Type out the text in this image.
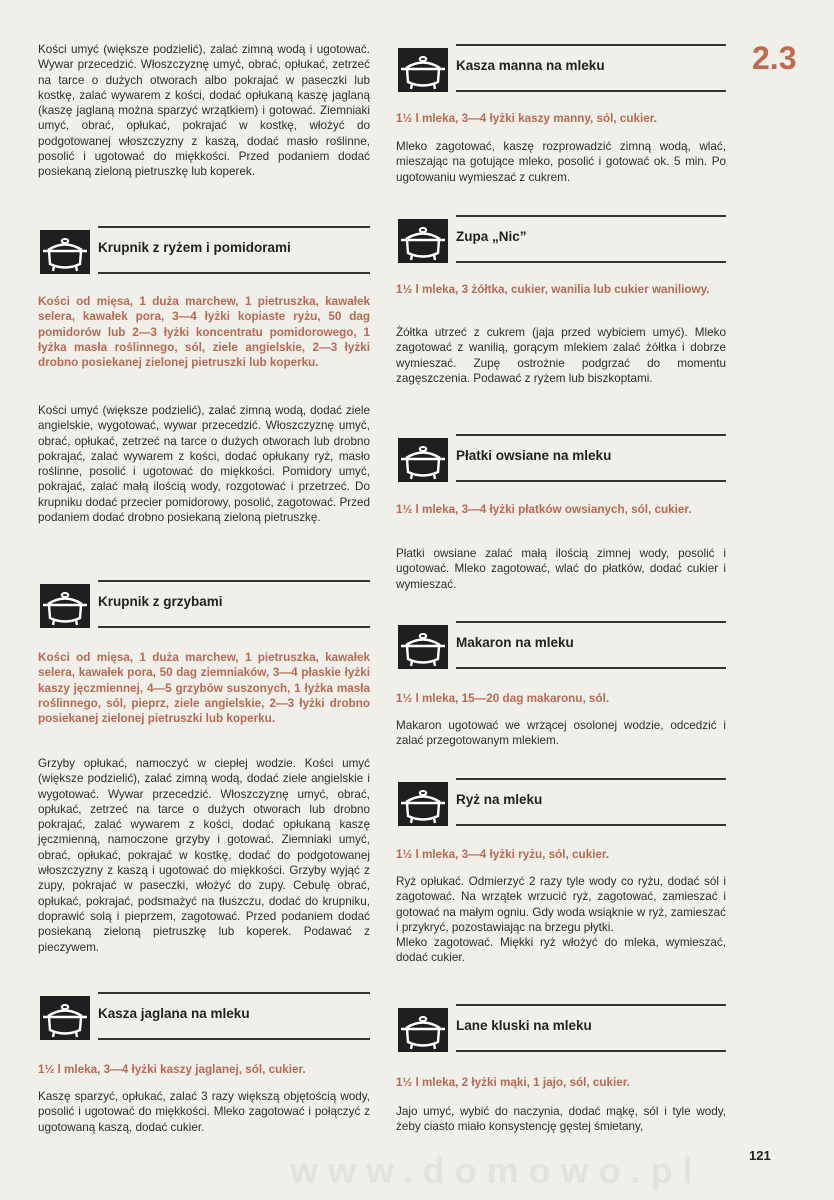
2.3

Kości umyć (większe podzielić), zalać zimną wodą i ugotować. Wywar przecedzić. Włoszczyznę umyć, obrać, opłukać, zetrzeć na tarce o dużych otworach albo pokrajać w paseczki lub kostkę, zalać wywarem z kości, dodać opłukaną kaszę jaglaną (kaszę jaglaną można sparzyć wrzątkiem) i gotować. Ziemniaki umyć, obrać, opłukać, pokrajać w kostkę, włożyć do podgotowanej włoszczyzny z kaszą, dodać masło roślinne, posolić i ugotować do miękkości. Przed podaniem dodać posiekaną zieloną pietruszkę lub koperek.

Krupnik z ryżem i pomidorami

Kości od mięsa, 1 duża marchew, 1 pietruszka, kawałek selera, kawałek pora, 3—4 łyżki kopiaste ryżu, 50 dag pomidorów lub 2—3 łyżki koncentratu pomidorowego, 1 łyżka masła roślinnego, sól, ziele angielskie, 2—3 łyżki drobno posiekanej zielonej pietruszki lub koperku.

Kości umyć (większe podzielić), zalać zimną wodą, dodać ziele angielskie, wygotować, wywar przecedzić. Włoszczyznę umyć, obrać, opłukać, zetrzeć na tarce o dużych otworach lub drobno pokrajać, zalać wywarem z kości, dodać opłukany ryż, masło roślinne, posolić i ugotować do miękkości. Pomidory umyć, pokrajać, zalać małą ilością wody, rozgotować i przetrzeć. Do krupniku dodać przecier pomidorowy, posolić, zagotować. Przed podaniem dodać drobno posiekaną zieloną pietruszkę.

Krupnik z grzybami

Kości od mięsa, 1 duża marchew, 1 pietruszka, kawałek selera, kawałek pora, 50 dag ziemniaków, 3—4 płaskie łyżki kaszy jęczmiennej, 4—5 grzybów suszonych, 1 łyżka masła roślinnego, sól, pieprz, ziele angielskie, 2—3 łyżki drobno posiekanej zielonej pietruszki lub koperku.

Grzyby opłukać, namoczyć w ciepłej wodzie. Kości umyć (większe podzielić), zalać zimną wodą, dodać ziele angielskie i wygotować. Wywar przecedzić. Włoszczyznę umyć, obrać, opłukać, zetrzeć na tarce o dużych otworach lub drobno pokrajać, zalać wywarem z kości, dodać opłukaną kaszę jęczmienną, namoczone grzyby i gotować. Ziemniaki umyć, obrać, opłukać, pokrajać w kostkę, dodać do podgotowanej włoszczyzny z kaszą i ugotować do miękkości. Grzyby wyjąć z zupy, pokrajać w paseczki, włożyć do zupy. Cebulę obrać, opłukać, pokrajać, podsmażyć na tłuszczu, dodać do krupniku, doprawić solą i pieprzem, zagotować. Przed podaniem dodać posiekaną zieloną pietruszkę lub koperek. Podawać z pieczywem.

Kasza jaglana na mleku

1½ l mleka, 3—4 łyżki kaszy jaglanej, sól, cukier.

Kaszę sparzyć, opłukać, zalać 3 razy większą objętością wody, posolić i ugotować do miękkości. Mleko zagotować i połączyć z ugotowaną kaszą, dodać cukier.

Kasza manna na mleku

1½ l mleka, 3—4 łyżki kaszy manny, sól, cukier.

Mleko zagotować, kaszę rozprowadzić zimną wodą, wlać, mieszając na gotujące mleko, posolić i gotować ok. 5 min. Po ugotowaniu wymieszać z cukrem.

Zupa „Nic”

1½ l mleka, 3 żółtka, cukier, wanilia lub cukier waniliowy.

Żółtka utrzeć z cukrem (jaja przed wybiciem umyć). Mleko zagotować z wanilią, gorącym mlekiem zalać żółtka i dobrze wymieszać. Zupę ostrożnie podgrzać do momentu zagęszczenia. Podawać z ryżem lub biszkoptami.

Płatki owsiane na mleku

1½ l mleka, 3—4 łyżki płatków owsianych, sól, cukier.

Płatki owsiane zalać małą ilością zimnej wody, posolić i ugotować. Mleko zagotować, wlać do płatków, dodać cukier i wymieszać.

Makaron na mleku

1½ l mleka, 15—20 dag makaronu, sól.

Makaron ugotować we wrzącej osolonej wodzie, odcedzić i zalać przegotowanym mlekiem.

Ryż na mleku

1½ l mleka, 3—4 łyżki ryżu, sól, cukier.

Ryż opłukać. Odmierzyć 2 razy tyle wody co ryżu, dodać sól i zagotować. Na wrzątek wrzucić ryż, zagotować, zamieszać i gotować na małym ogniu. Gdy woda wsiąknie w ryż, zamieszać i przykryć, pozostawiając na brzegu płytki.

Mleko zagotować. Miękki ryż włożyć do mleka, wymieszać, dodać cukier.

Lane kluski na mleku

1½ l mleka, 2 łyżki mąki, 1 jajo, sól, cukier.

Jajo umyć, wybić do naczynia, dodać mąkę, sól i tyle wody, żeby ciasto miało konsystencję gęstej śmietany,

www.domowo.pl	121
